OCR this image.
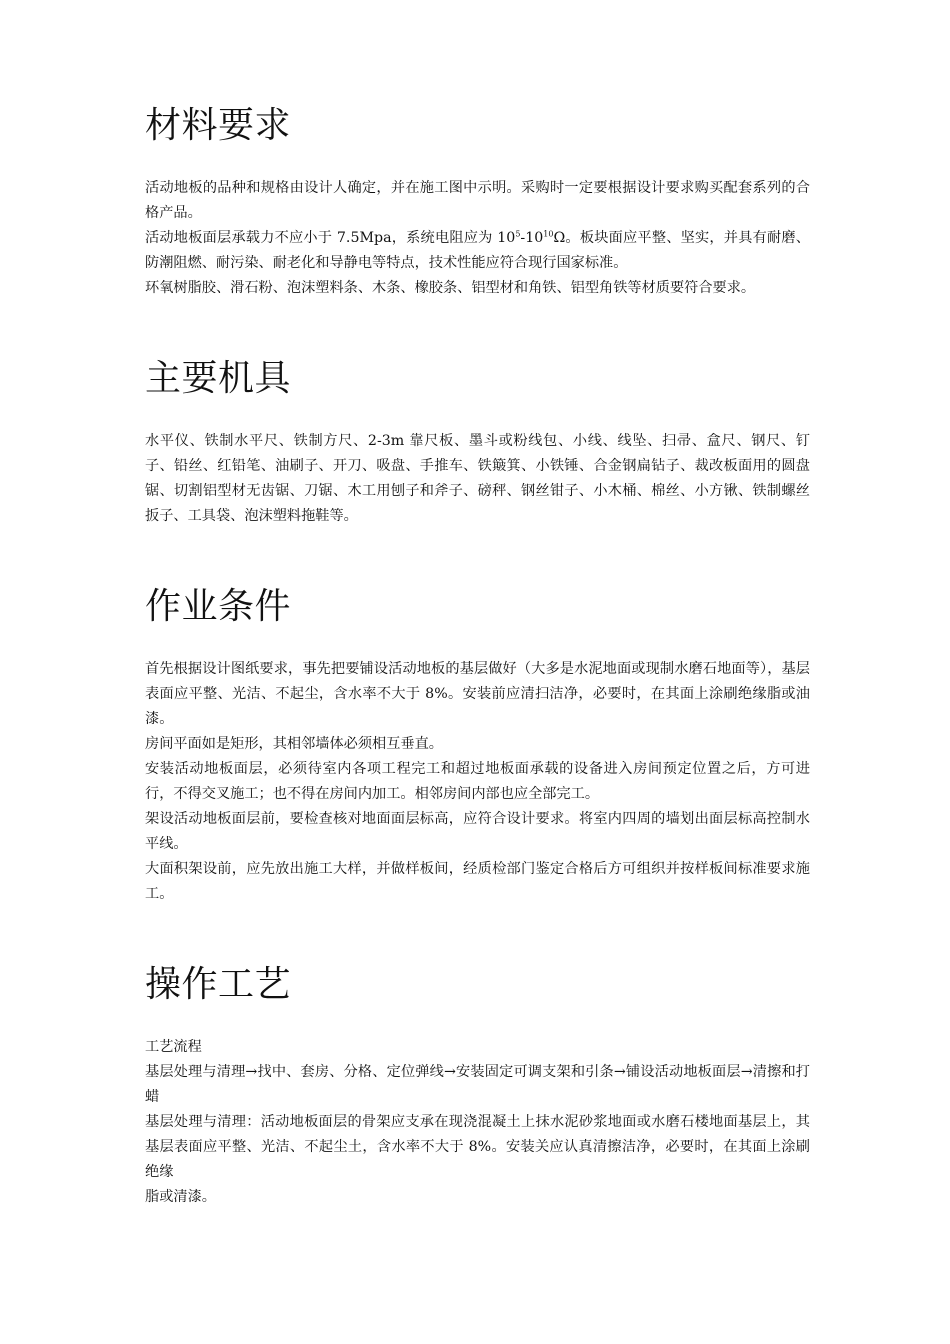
材料要求

活动地板的品种和规格由设计人确定，并在施工图中示明。采购时一定要根据设计要求购买配套系列的合格产品。

活动地板面层承载力不应小于 7.5Mpa，系统电阻应为 $10^5-10^{10}\Omega$。板块面应平整、坚实，并具有耐磨、防潮阻燃、耐污染、耐老化和导静电等特点，技术性能应符合现行国家标准。

环氧树脂胶、滑石粉、泡沫塑料条、木条、橡胶条、铝型材和角铁、铝型角铁等材质要符合要求。

主要机具

水平仪、铁制水平尺、铁制方尺、2-3m 靠尺板、墨斗或粉线包、小线、线坠、扫帚、盒尺、钢尺、钉子、铅丝、红铅笔、油刷子、开刀、吸盘、手推车、铁簸箕、小铁锤、合金钢扁钻子、裁改板面用的圆盘锯、切割铝型材无齿锯、刀锯、木工用刨子和斧子、磅秤、钢丝钳子、小木桶、棉丝、小方锹、铁制螺丝扳子、工具袋、泡沫塑料拖鞋等。

作业条件

首先根据设计图纸要求，事先把要铺设活动地板的基层做好（大多是水泥地面或现制水磨石地面等），基层表面应平整、光洁、不起尘，含水率不大于 8%。安装前应清扫洁净，必要时，在其面上涂刷绝缘脂或油漆。

房间平面如是矩形，其相邻墙体必须相互垂直。

安装活动地板面层，必须待室内各项工程完工和超过地板面承载的设备进入房间预定位置之后，方可进行，不得交叉施工；也不得在房间内加工。相邻房间内部也应全部完工。

架设活动地板面层前，要检查核对地面面层标高，应符合设计要求。将室内四周的墙划出面层标高控制水平线。

大面积架设前，应先放出施工大样，并做样板间，经质检部门鉴定合格后方可组织并按样板间标准要求施工。

操作工艺

工艺流程

基层处理与清理→找中、套房、分格、定位弹线→安装固定可调支架和引条→铺设活动地板面层→清擦和打蜡

基层处理与清理：活动地板面层的骨架应支承在现浇混凝土上抹水泥砂浆地面或水磨石楼地面基层上，其基层表面应平整、光洁、不起尘土，含水率不大于 8%。安装关应认真清擦洁净，必要时，在其面上涂刷绝缘

脂或清漆。
